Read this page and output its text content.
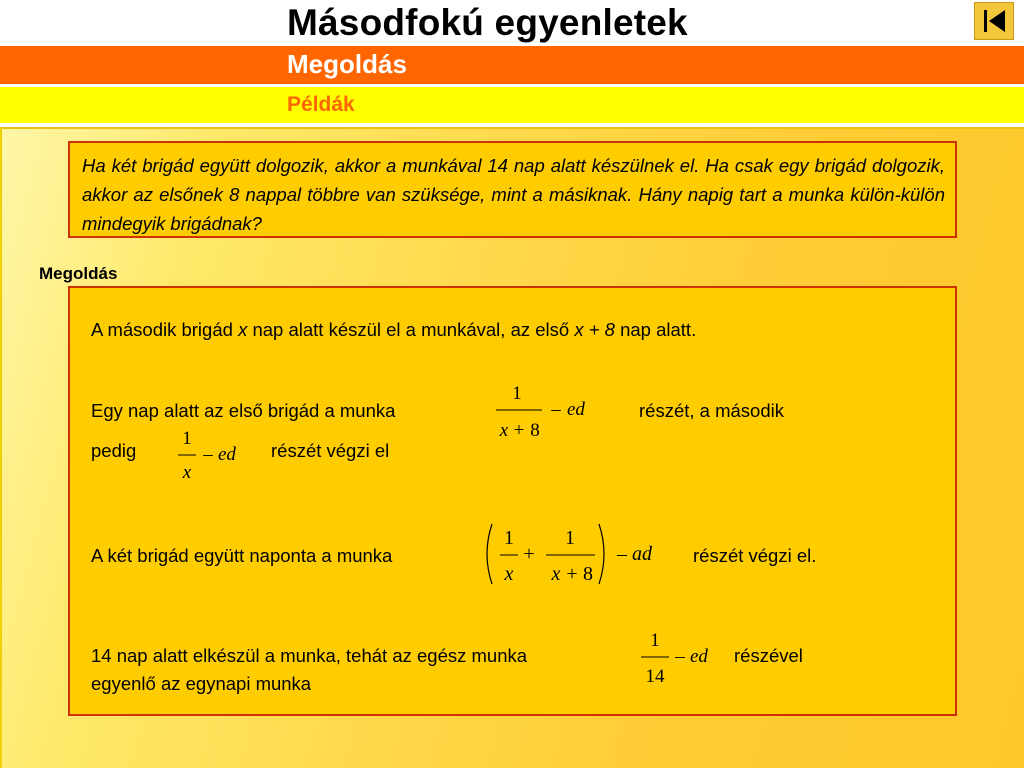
Másodfokú egyenletek
Megoldás
Példák
Ha két brigád együtt dolgozik, akkor a munkával 14 nap alatt készülnek el. Ha csak egy brigád dolgozik, akkor az elsőnek 8 nappal többre van szüksége, mint a másiknak. Hány napig tart a munka külön-külön mindegyik brigádnak?
Megoldás
A második brigád x nap alatt készül el a munkával, az első x + 8 nap alatt.
Egy nap alatt az első brigád a munka
1
x + 8
– ed	részét, a második
pedig
1
x
– ed részét végzi el
A két brigád együtt naponta a munka
1
x
+
1
x + 8
– ad részét végzi el.
14 nap alatt elkészül a munka, tehát az egész munka
1
14
– ed részével
egyenlő az egynapi munka
